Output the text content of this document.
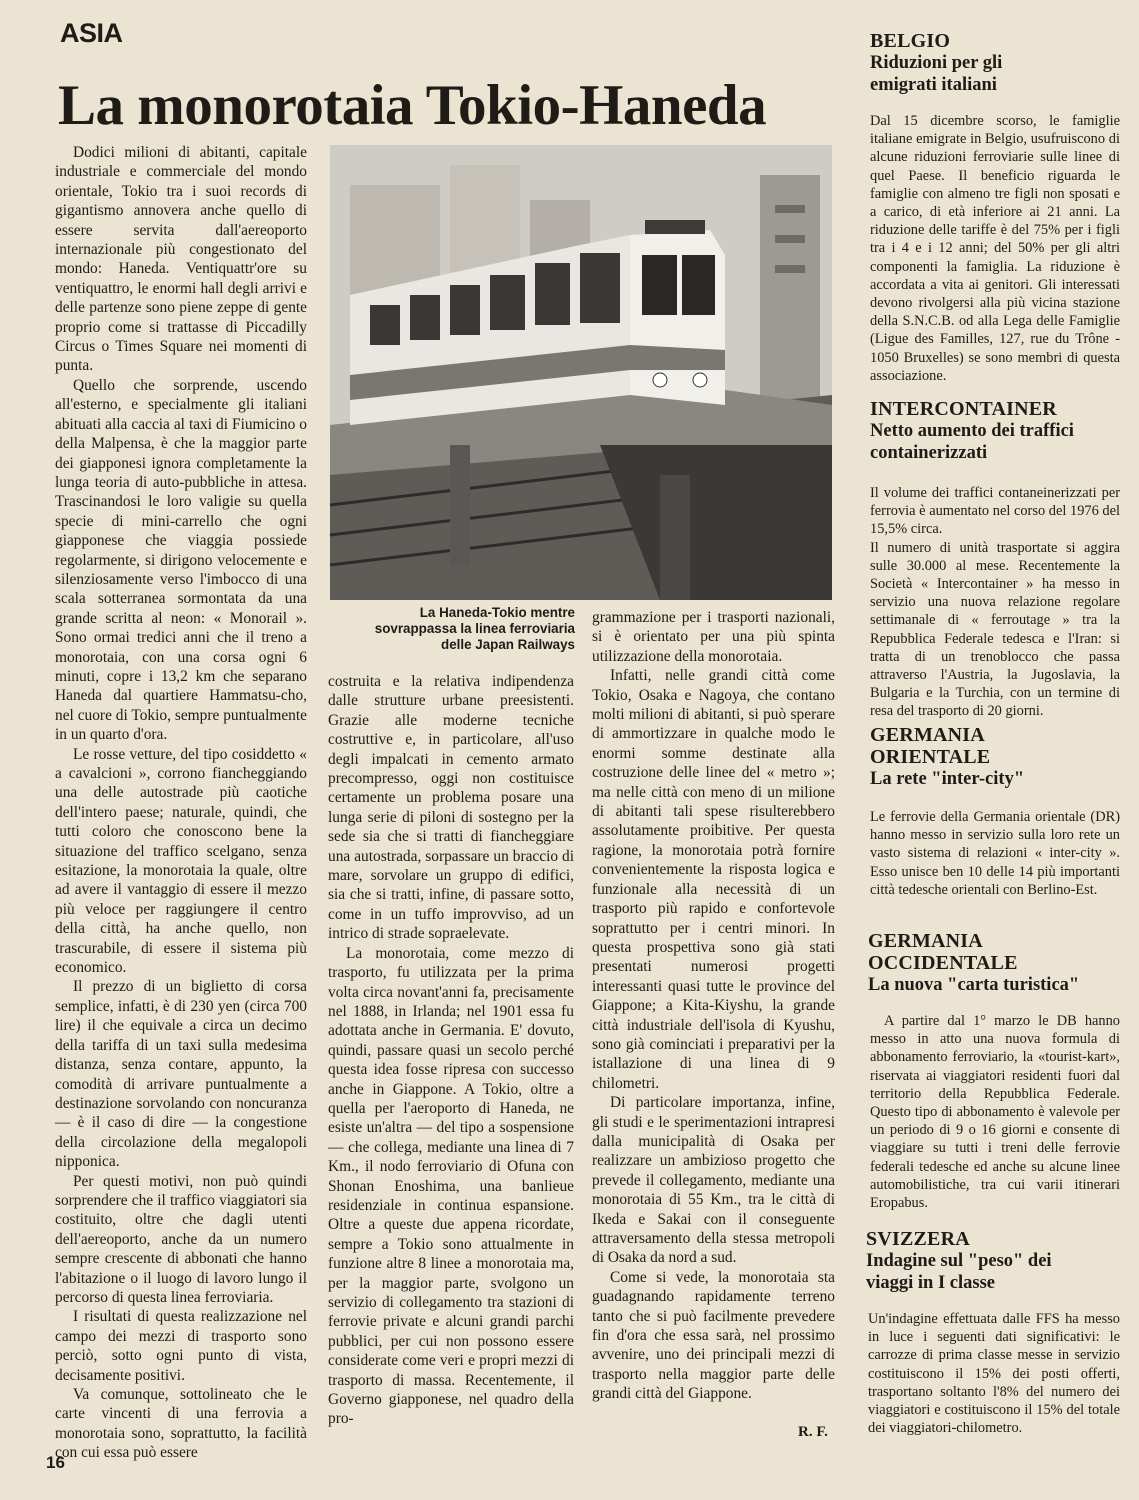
ASIA
La monorotaia Tokio-Haneda

Dodici milioni di abitanti, capitale industriale e commerciale del mondo orientale, Tokio tra i suoi records di gigantismo annovera anche quello di essere servita dall'aereoporto internazionale più congestionato del mondo: Haneda. Ventiquattr'ore su ventiquattro, le enormi hall degli arrivi e delle partenze sono piene zeppe di gente proprio come si trattasse di Piccadilly Circus o Times Square nei momenti di punta.

Quello che sorprende, uscendo all'esterno, e specialmente gli italiani abituati alla caccia al taxi di Fiumicino o della Malpensa, è che la maggior parte dei giapponesi ignora completamente la lunga teoria di auto-pubbliche in attesa. Trascinandosi le loro valigie su quella specie di mini-carrello che ogni giapponese che viaggia possiede regolarmente, si dirigono velocemente e silenziosamente verso l'imbocco di una scala sotterranea sormontata da una grande scritta al neon: « Monorail ». Sono ormai tredici anni che il treno a monorotaia, con una corsa ogni 6 minuti, copre i 13,2 km che separano Haneda dal quartiere Hammatsu-cho, nel cuore di Tokio, sempre puntualmente in un quarto d'ora.

Le rosse vetture, del tipo cosiddetto « a cavalcioni », corrono fiancheggiando una delle autostrade più caotiche dell'intero paese; naturale, quindi, che tutti coloro che conoscono bene la situazione del traffico scelgano, senza esitazione, la monorotaia la quale, oltre ad avere il vantaggio di essere il mezzo più veloce per raggiungere il centro della città, ha anche quello, non trascurabile, di essere il sistema più economico.

Il prezzo di un biglietto di corsa semplice, infatti, è di 230 yen (circa 700 lire) il che equivale a circa un decimo della tariffa di un taxi sulla medesima distanza, senza contare, appunto, la comodità di arrivare puntualmente a destinazione sorvolando con noncuranza — è il caso di dire — la congestione della circolazione della megalopoli nipponica.

Per questi motivi, non può quindi sorprendere che il traffico viaggiatori sia costituito, oltre che dagli utenti dell'aereoporto, anche da un numero sempre crescente di abbonati che hanno l'abitazione o il luogo di lavoro lungo il percorso di questa linea ferroviaria.

I risultati di questa realizzazione nel campo dei mezzi di trasporto sono perciò, sotto ogni punto di vista, decisamente positivi.

Va comunque, sottolineato che le carte vincenti di una ferrovia a monorotaia sono, soprattutto, la facilità con cui essa può essere

La Haneda-Tokio mentre sovrappassa la linea ferroviaria delle Japan Railways

costruita e la relativa indipendenza dalle strutture urbane preesistenti. Grazie alle moderne tecniche costruttive e, in particolare, all'uso degli impalcati in cemento armato precompresso, oggi non costituisce certamente un problema posare una lunga serie di piloni di sostegno per la sede sia che si tratti di fiancheggiare una autostrada, sorpassare un braccio di mare, sorvolare un gruppo di edifici, sia che si tratti, infine, di passare sotto, come in un tuffo improvviso, ad un intrico di strade sopraelevate.

La monorotaia, come mezzo di trasporto, fu utilizzata per la prima volta circa novant'anni fa, precisamente nel 1888, in Irlanda; nel 1901 essa fu adottata anche in Germania. E' dovuto, quindi, passare quasi un secolo perché questa idea fosse ripresa con successo anche in Giappone. A Tokio, oltre a quella per l'aeroporto di Haneda, ne esiste un'altra — del tipo a sospensione — che collega, mediante una linea di 7 Km., il nodo ferroviario di Ofuna con Shonan Enoshima, una banlieue residenziale in continua espansione. Oltre a queste due appena ricordate, sempre a Tokio sono attualmente in funzione altre 8 linee a monorotaia ma, per la maggior parte, svolgono un servizio di collegamento tra stazioni di ferrovie private e alcuni grandi parchi pubblici, per cui non possono essere considerate come veri e propri mezzi di trasporto di massa. Recentemente, il Governo giapponese, nel quadro della pro-

grammazione per i trasporti nazionali, si è orientato per una più spinta utilizzazione della monorotaia.

Infatti, nelle grandi città come Tokio, Osaka e Nagoya, che contano molti milioni di abitanti, si può sperare di ammortizzare in qualche modo le enormi somme destinate alla costruzione delle linee del « metro »; ma nelle città con meno di un milione di abitanti tali spese risulterebbero assolutamente proibitive. Per questa ragione, la monorotaia potrà fornire convenientemente la risposta logica e funzionale alla necessità di un trasporto più rapido e confortevole soprattutto per i centri minori. In questa prospettiva sono già stati presentati numerosi progetti interessanti quasi tutte le province del Giappone; a Kita-Kiyshu, la grande città industriale dell'isola di Kyushu, sono già cominciati i preparativi per la istallazione di una linea di 9 chilometri.

Di particolare importanza, infine, gli studi e le sperimentazioni intrapresi dalla municipalità di Osaka per realizzare un ambizioso progetto che prevede il collegamento, mediante una monorotaia di 55 Km., tra le città di Ikeda e Sakai con il conseguente attraversamento della stessa metropoli di Osaka da nord a sud.

Come si vede, la monorotaia sta guadagnando rapidamente terreno tanto che si può facilmente prevedere fin d'ora che essa sarà, nel prossimo avvenire, uno dei principali mezzi di trasporto nella maggior parte delle grandi città del Giappone.

R. F.
BELGIO
Riduzioni per gli emigrati italiani

Dal 15 dicembre scorso, le famiglie italiane emigrate in Belgio, usufruiscono di alcune riduzioni ferroviarie sulle linee di quel Paese. Il beneficio riguarda le famiglie con almeno tre figli non sposati e a carico, di età inferiore ai 21 anni. La riduzione delle tariffe è del 75% per i figli tra i 4 e i 12 anni; del 50% per gli altri componenti la famiglia. La riduzione è accordata a vita ai genitori. Gli interessati devono rivolgersi alla più vicina stazione della S.N.C.B. od alla Lega delle Famiglie (Ligue des Familles, 127, rue du Trône - 1050 Bruxelles) se sono membri di questa associazione.

INTERCONTAINER
Netto aumento dei traffici containerizzati

Il volume dei traffici contaneinerizzati per ferrovia è aumentato nel corso del 1976 del 15,5% circa.

Il numero di unità trasportate si aggira sulle 30.000 al mese. Recentemente la Società « Intercontainer » ha messo in servizio una nuova relazione regolare settimanale di « ferroutage » tra la Repubblica Federale tedesca e l'Iran: si tratta di un trenoblocco che passa attraverso l'Austria, la Jugoslavia, la Bulgaria e la Turchia, con un termine di resa del trasporto di 20 giorni.

GERMANIA ORIENTALE
La rete "inter-city"

Le ferrovie della Germania orientale (DR) hanno messo in servizio sulla loro rete un vasto sistema di relazioni « inter-city ». Esso unisce ben 10 delle 14 più importanti città tedesche orientali con Berlino-Est.

GERMANIA OCCIDENTALE
La nuova "carta turistica"

A partire dal 1° marzo le DB hanno messo in atto una nuova formula di abbonamento ferroviario, la «tourist-kart», riservata ai viaggiatori residenti fuori dal territorio della Repubblica Federale. Questo tipo di abbonamento è valevole per un periodo di 9 o 16 giorni e consente di viaggiare su tutti i treni delle ferrovie federali tedesche ed anche su alcune linee automobilistiche, tra cui varii itinerari Eropabus.

SVIZZERA
Indagine sul "peso" dei viaggi in I classe

Un'indagine effettuata dalle FFS ha messo in luce i seguenti dati significativi: le carrozze di prima classe messe in servizio costituiscono il 15% dei posti offerti, trasportano soltanto l'8% del numero dei viaggiatori e costituiscono il 15% del totale dei viaggiatori-chilometro.

16
